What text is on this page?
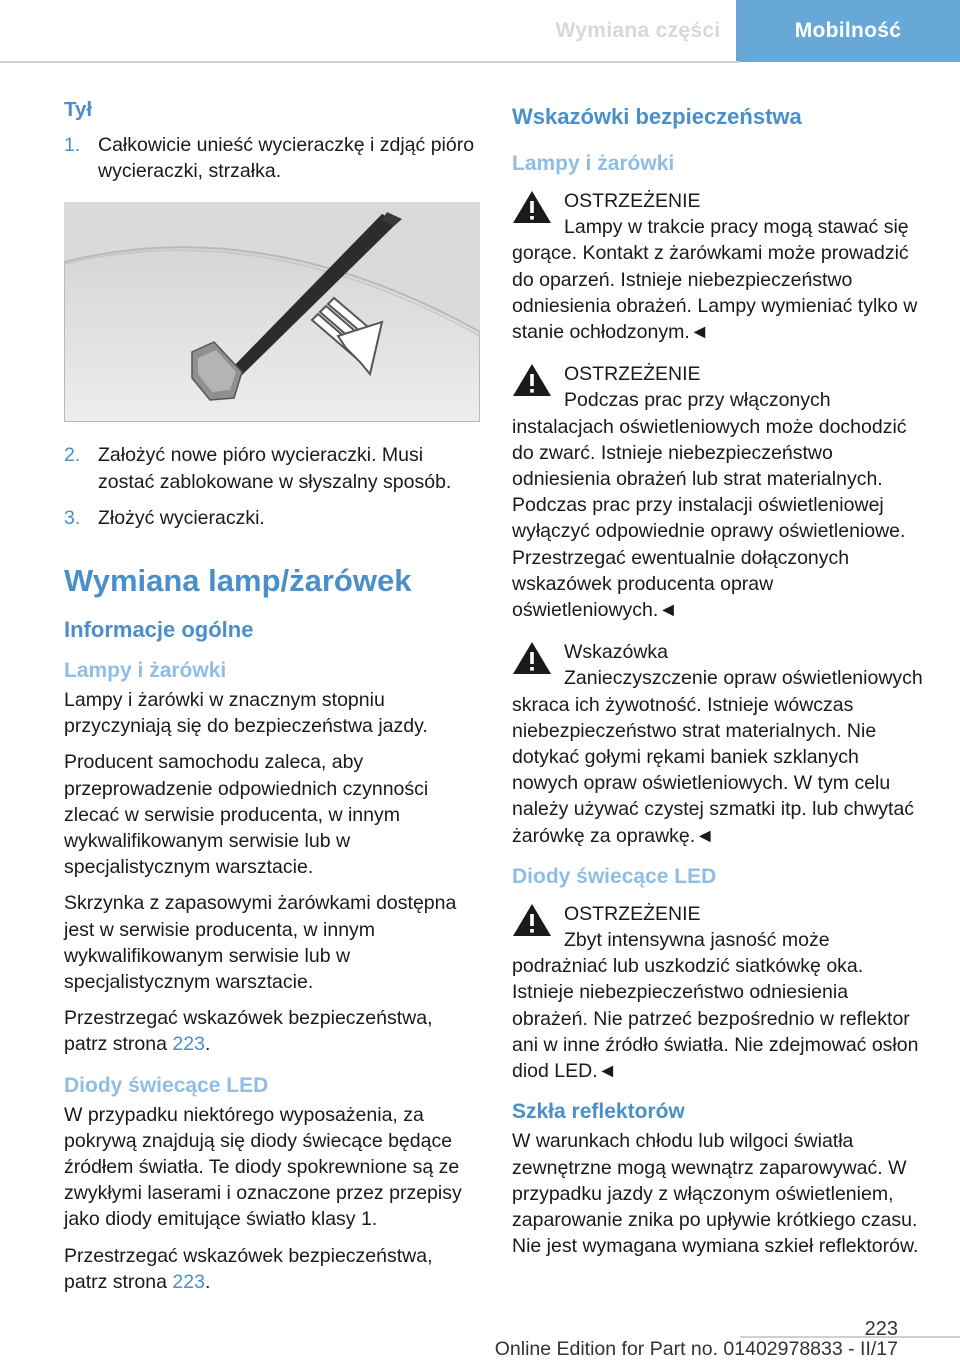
Wymiana części	Mobilność
Tył
1. Całkowicie unieść wycieraczkę i zdjąć pióro wycieraczki, strzałka.
2. Założyć nowe pióro wycieraczki. Musi zostać zablokowane w słyszalny sposób.
3. Złożyć wycieraczki.
Wymiana lamp/żarówek
Informacje ogólne
Lampy i żarówki

Lampy i żarówki w znacznym stopniu przyczyniają się do bezpieczeństwa jazdy.

Producent samochodu zaleca, aby przeprowadzenie odpowiednich czynności zlecać w serwisie producenta, w innym wykwalifikowanym serwisie lub w specjalistycznym warsztacie.

Skrzynka z zapasowymi żarówkami dostępna jest w serwisie producenta, w innym wykwalifikowanym serwisie lub w specjalistycznym warsztacie.

Przestrzegać wskazówek bezpieczeństwa, patrz strona 223.

Diody świecące LED

W przypadku niektórego wyposażenia, za pokrywą znajdują się diody świecące będące źródłem światła. Te diody spokrewnione są ze zwykłymi laserami i oznaczone przez przepisy jako diody emitujące światło klasy 1.

Przestrzegać wskazówek bezpieczeństwa, patrz strona 223.

Wskazówki bezpieczeństwa
Lampy i żarówki
OSTRZEŻENIE
Lampy w trakcie pracy mogą stawać się gorące. Kontakt z żarówkami może prowadzić do oparzeń. Istnieje niebezpieczeństwo odniesienia obrażeń. Lampy wymieniać tylko w stanie ochłodzonym.◄
OSTRZEŻENIE
Podczas prac przy włączonych instalacjach oświetleniowych może dochodzić do zwarć. Istnieje niebezpieczeństwo odniesienia obrażeń lub strat materialnych. Podczas prac przy instalacji oświetleniowej wyłączyć odpowiednie oprawy oświetleniowe. Przestrzegać ewentualnie dołączonych wskazówek producenta opraw oświetleniowych.◄
Wskazówka
Zanieczyszczenie opraw oświetleniowych skraca ich żywotność. Istnieje wówczas niebezpieczeństwo strat materialnych. Nie dotykać gołymi rękami baniek szklanych nowych opraw oświetleniowych. W tym celu należy używać czystej szmatki itp. lub chwytać żarówkę za oprawkę.◄
Diody świecące LED
OSTRZEŻENIE
Zbyt intensywna jasność może podrażniać lub uszkodzić siatkówkę oka. Istnieje niebezpieczeństwo odniesienia obrażeń. Nie patrzeć bezpośrednio w reflektor ani w inne źródło światła. Nie zdejmować osłon diod LED.◄
Szkła reflektorów

W warunkach chłodu lub wilgoci światła zewnętrzne mogą wewnątrz zaparowywać. W przypadku jazdy z włączonym oświetleniem, zaparowanie znika po upływie krótkiego czasu. Nie jest wymagana wymiana szkieł reflektorów.

223
Online Edition for Part no. 01402978833 - II/17
